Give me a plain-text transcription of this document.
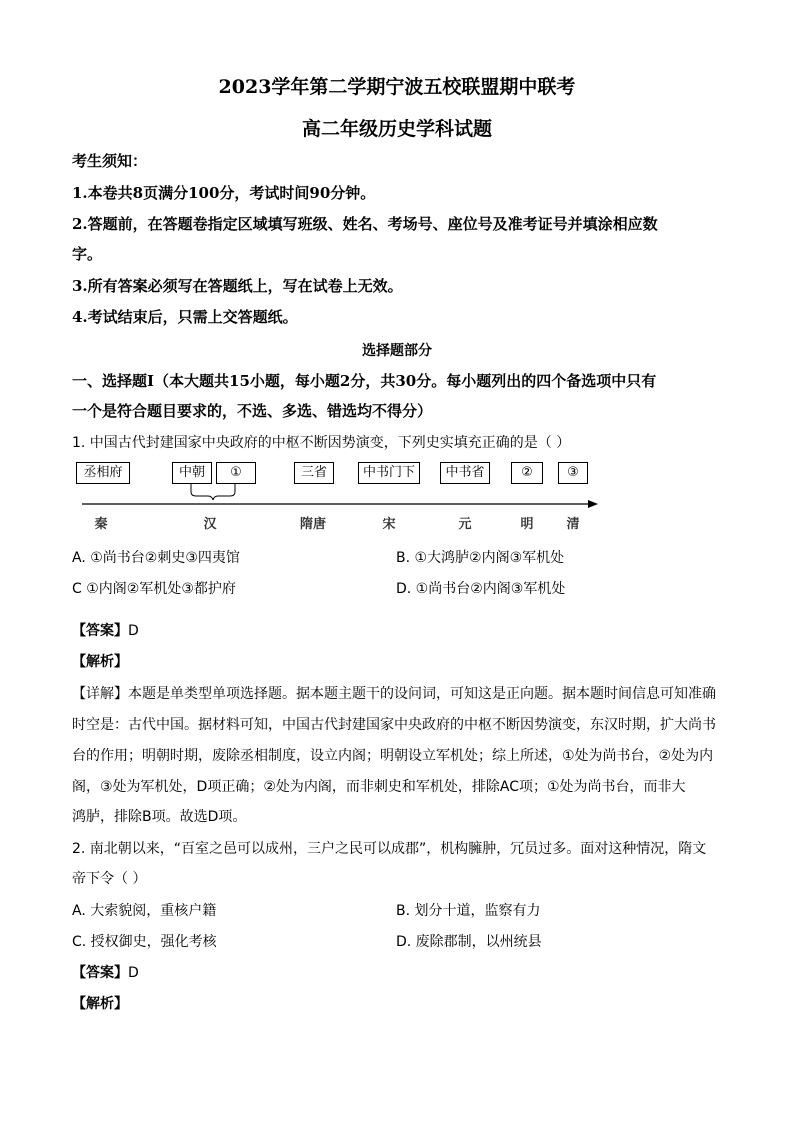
2023学年第二学期宁波五校联盟期中联考
高二年级历史学科试题
考生须知：
1.本卷共8页满分100分，考试时间90分钟。
2.答题前，在答题卷指定区域填写班级、姓名、考场号、座位号及准考证号并填涂相应数
字。
3.所有答案必须写在答题纸上，写在试卷上无效。
4.考试结束后，只需上交答题纸。
选择题部分
一、选择题Ⅰ（本大题共15小题，每小题2分，共30分。每小题列出的四个备选项中只有
一个是符合题目要求的，不选、多选、错选均不得分）
1. 中国古代封建国家中央政府的中枢不断因势演变，下列史实填充正确的是（ ）
丞相府	中朝	①	三省	中书门下	中书省	②	③
秦	汉	隋唐	宋	元	明	清
A. ①尚书台②刺史③四夷馆	B. ①大鸿胪②内阁③军机处
C ①内阁②军机处③都护府	D. ①尚书台②内阁③军机处
【答案】D
【解析】
【详解】本题是单类型单项选择题。据本题主题干的设问词，可知这是正向题。据本题时间信息可知准确
时空是：古代中国。据材料可知，中国古代封建国家中央政府的中枢不断因势演变，东汉时期，扩大尚书
台的作用；明朝时期，废除丞相制度，设立内阁；明朝设立军机处；综上所述，①处为尚书台，②处为内
阁，③处为军机处，D项正确；②处为内阁，而非刺史和军机处，排除AC项；①处为尚书台，而非大
鸿胪，排除B项。故选D项。
2. 南北朝以来，“百室之邑可以成州，三户之民可以成郡”，机构臃肿，冗员过多。面对这种情况，隋文
帝下令（ ）
A. 大索貌阅，重核户籍	B. 划分十道，监察有力
C. 授权御史，强化考核	D. 废除郡制，以州统县
【答案】D
【解析】
